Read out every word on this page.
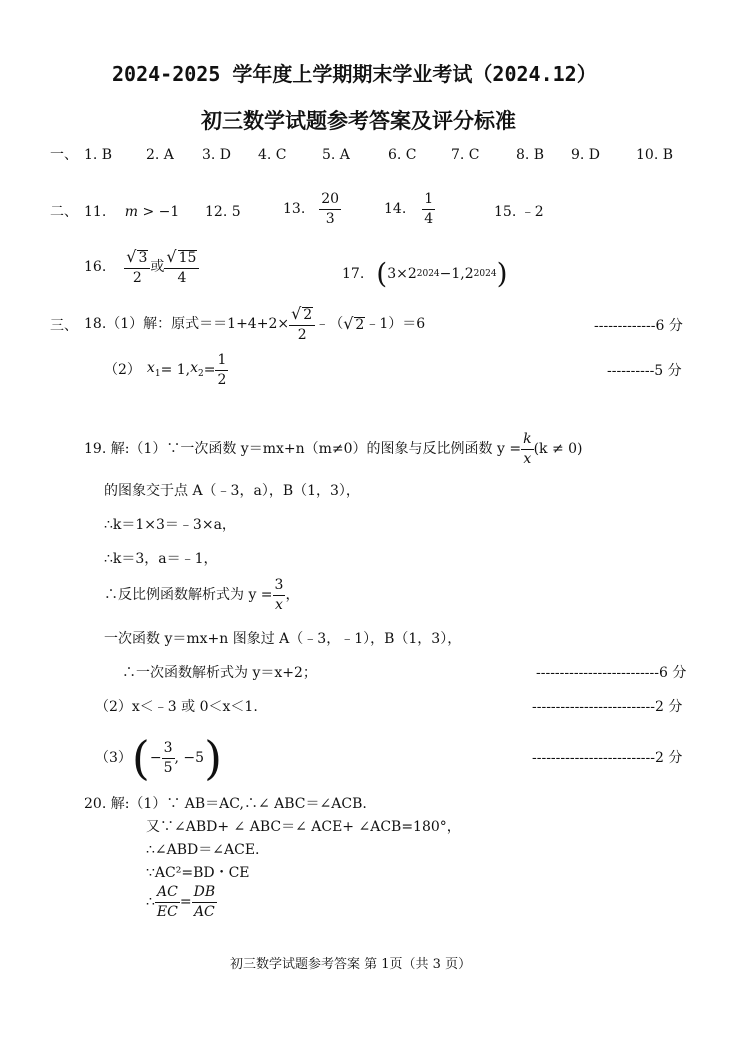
2024-2025 学年度上学期期末学业考试（2024.12）
初三数学试题参考答案及评分标准
一、 1. B 2. A 3. D 4. C	5. A	6. C 7. C	8. B 9. D	10. B
二、 11. m > −1 12. 5	13. $\frac{20}{3}$	14. $\frac{1}{4}$	15. ﹣2
16. $\frac{√ 3}{2}$ 或 $\frac{√ 15}{4}$	17. ( 3×2 2024 −1,2 2024 )
三、 18.（1）解：原式$==1+4+2\times \frac{√ 2}{2}$ ﹣（ √ 2 ﹣1）＝6	-------------6 分
（2） $x_1 = 1$, $x_2 = \frac{1}{2}$	----------5 分
19. 解:（1）∵一次函数 y＝mx+n（m≠0）的图象与反比例函数 $y = \frac{k}{x} (k \ne 0)$
的图象交于点 A（﹣3，a），B（1，3），
∴k＝1×3＝﹣3×a，
∴k＝3，a＝﹣1，
∴反比例函数解析式为 $y = \frac{3}{x}$ ，
一次函数 y＝mx+n 图象过 A（﹣3，﹣1），B（1，3），
∴一次函数解析式为 y＝x+2；	--------------------------6 分
（2）x＜﹣3 或 0＜x＜1.	--------------------------2 分
（3） ( − $\frac{3}{5}$ , −5 )	--------------------------2 分
20. 解:（1）∵ AB＝AC,∴∠ ABC＝∠ACB.
又∵∠ABD+ ∠ ABC＝∠ ACE+ ∠ACB=180°，
∴∠ABD＝∠ACE.
∵AC²=BD・CE
∴ $\frac{AC}{EC} = \frac{DB}{AC}$
初三数学试题参考答案 第 1页（共 3 页）
